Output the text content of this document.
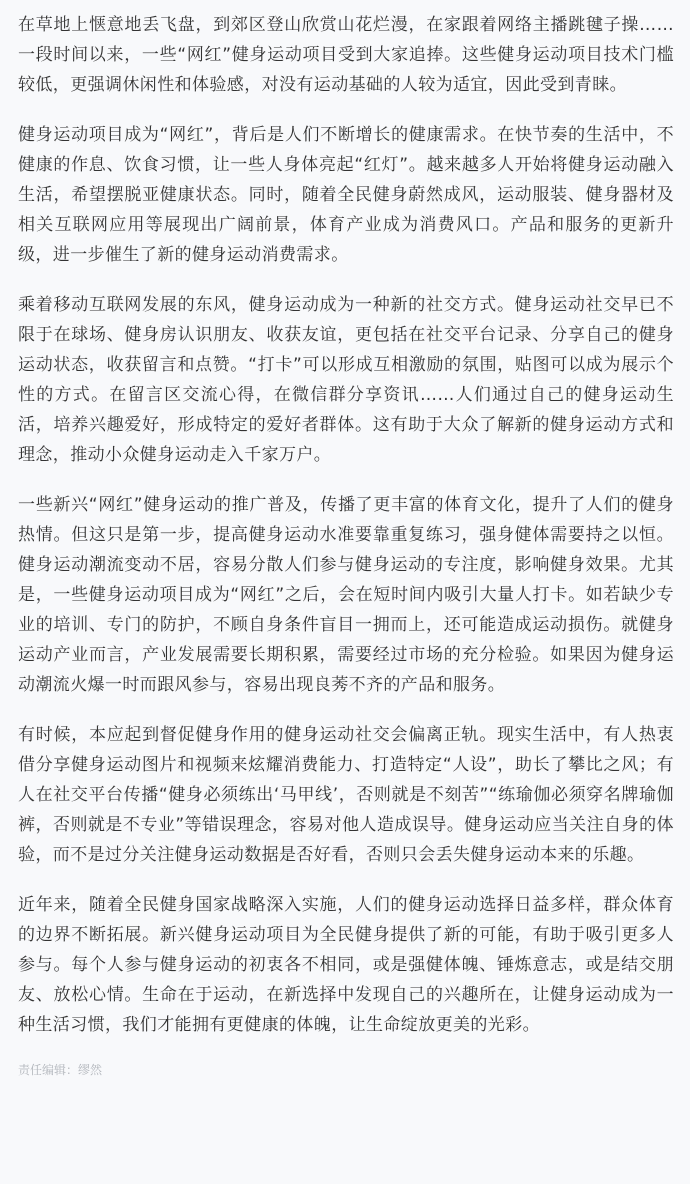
在草地上惬意地丢飞盘，到郊区登山欣赏山花烂漫，在家跟着网络主播跳毽子操……一段时间以来，一些“网红”健身运动项目受到大家追捧。这些健身运动项目技术门槛较低，更强调休闲性和体验感，对没有运动基础的人较为适宜，因此受到青睐。

健身运动项目成为“网红”，背后是人们不断增长的健康需求。在快节奏的生活中，不健康的作息、饮食习惯，让一些人身体亮起“红灯”。越来越多人开始将健身运动融入生活，希望摆脱亚健康状态。同时，随着全民健身蔚然成风，运动服装、健身器材及相关互联网应用等展现出广阔前景，体育产业成为消费风口。产品和服务的更新升级，进一步催生了新的健身运动消费需求。

乘着移动互联网发展的东风，健身运动成为一种新的社交方式。健身运动社交早已不限于在球场、健身房认识朋友、收获友谊，更包括在社交平台记录、分享自己的健身运动状态，收获留言和点赞。“打卡”可以形成互相激励的氛围，贴图可以成为展示个性的方式。在留言区交流心得，在微信群分享资讯……人们通过自己的健身运动生活，培养兴趣爱好，形成特定的爱好者群体。这有助于大众了解新的健身运动方式和理念，推动小众健身运动走入千家万户。

一些新兴“网红”健身运动的推广普及，传播了更丰富的体育文化，提升了人们的健身热情。但这只是第一步，提高健身运动水准要靠重复练习，强身健体需要持之以恒。健身运动潮流变动不居，容易分散人们参与健身运动的专注度，影响健身效果。尤其是，一些健身运动项目成为“网红”之后，会在短时间内吸引大量人打卡。如若缺少专业的培训、专门的防护，不顾自身条件盲目一拥而上，还可能造成运动损伤。就健身运动产业而言，产业发展需要长期积累，需要经过市场的充分检验。如果因为健身运动潮流火爆一时而跟风参与，容易出现良莠不齐的产品和服务。

有时候，本应起到督促健身作用的健身运动社交会偏离正轨。现实生活中，有人热衷借分享健身运动图片和视频来炫耀消费能力、打造特定“人设”，助长了攀比之风；有人在社交平台传播“健身必须练出‘马甲线’，否则就是不刻苦”“练瑜伽必须穿名牌瑜伽裤，否则就是不专业”等错误理念，容易对他人造成误导。健身运动应当关注自身的体验，而不是过分关注健身运动数据是否好看，否则只会丢失健身运动本来的乐趣。

近年来，随着全民健身国家战略深入实施，人们的健身运动选择日益多样，群众体育的边界不断拓展。新兴健身运动项目为全民健身提供了新的可能，有助于吸引更多人参与。每个人参与健身运动的初衷各不相同，或是强健体魄、锤炼意志，或是结交朋友、放松心情。生命在于运动，在新选择中发现自己的兴趣所在，让健身运动成为一种生活习惯，我们才能拥有更健康的体魄，让生命绽放更美的光彩。

责任编辑：缪然
